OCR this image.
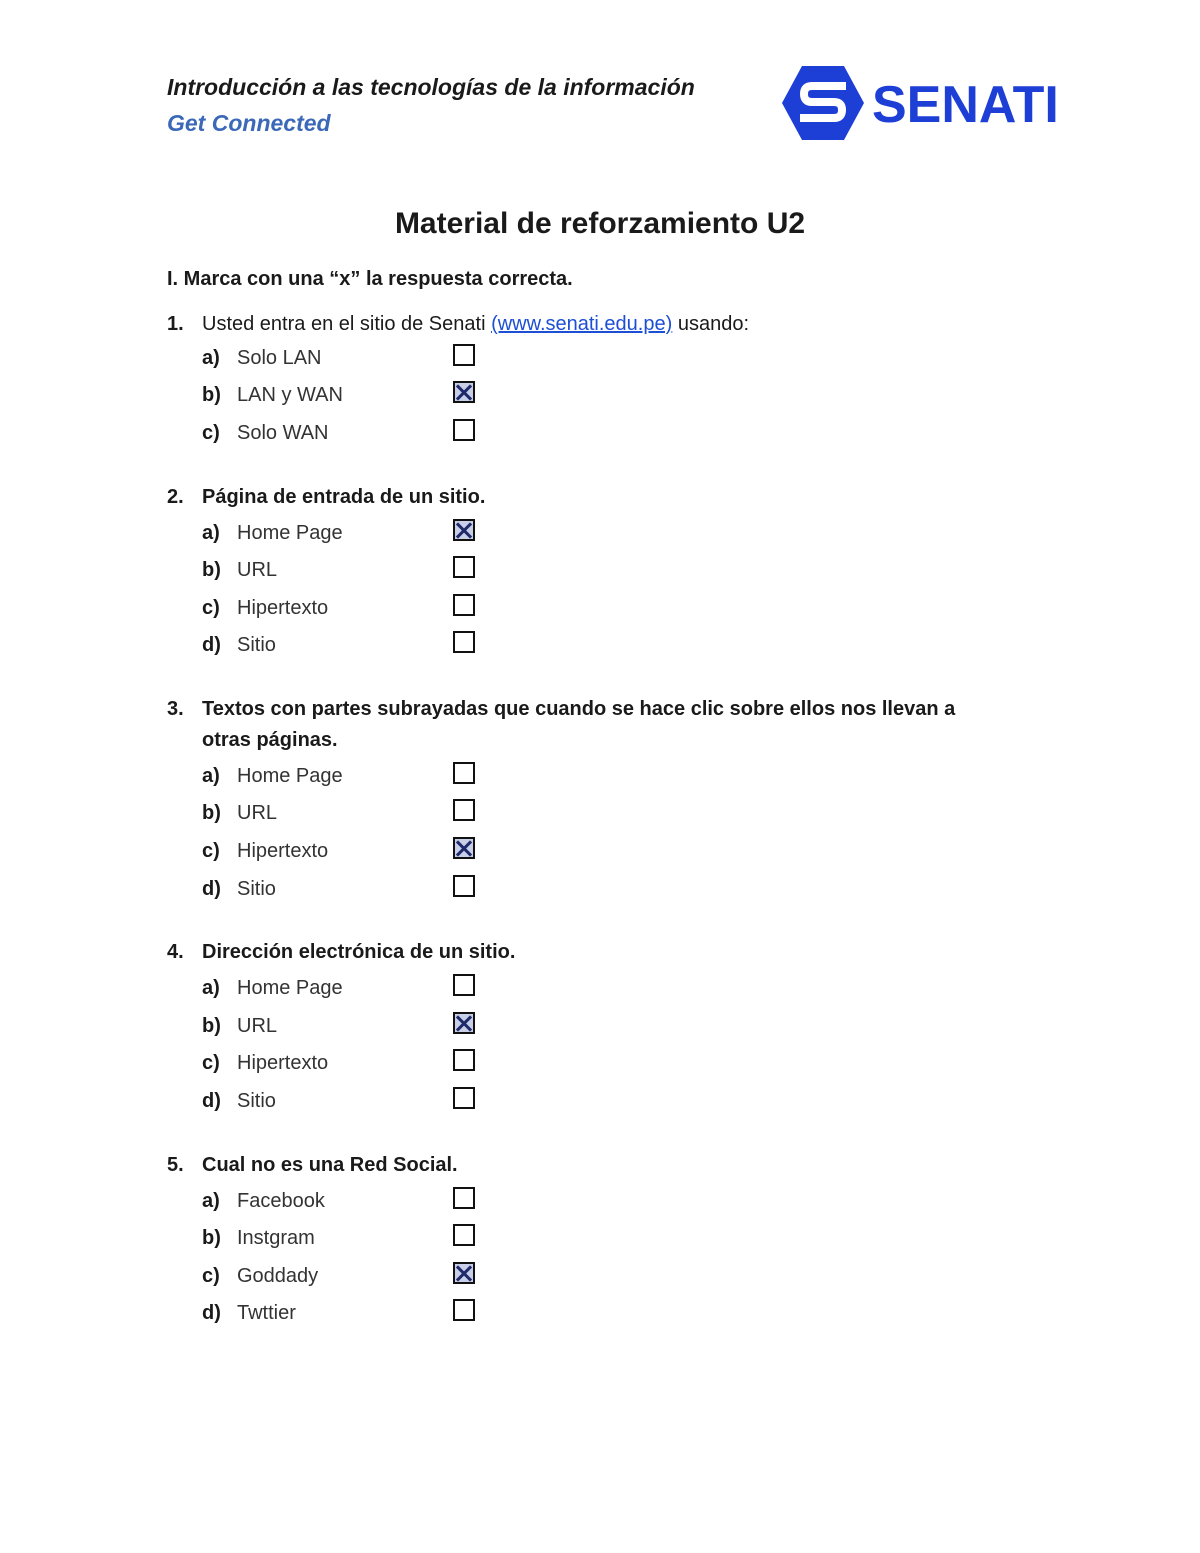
Introducción a las tecnologías de la información
Get Connected	SENATI
Material de reforzamiento U2
I. Marca con una “x” la respuesta correcta.
1. Usted entra en el sitio de Senati (www.senati.edu.pe) usando:
a) Solo LAN
b) LAN y WAN
c) Solo WAN
2. Página de entrada de un sitio.
a) Home Page
b) URL
c) Hipertexto
d) Sitio
3. Textos con partes subrayadas que cuando se hace clic sobre ellos nos llevan a otras páginas.
a) Home Page
b) URL
c) Hipertexto
d) Sitio
4. Dirección electrónica de un sitio.
a) Home Page
b) URL
c) Hipertexto
d) Sitio
5. Cual no es una Red Social.
a) Facebook
b) Instgram
c) Goddady
d) Twttier
